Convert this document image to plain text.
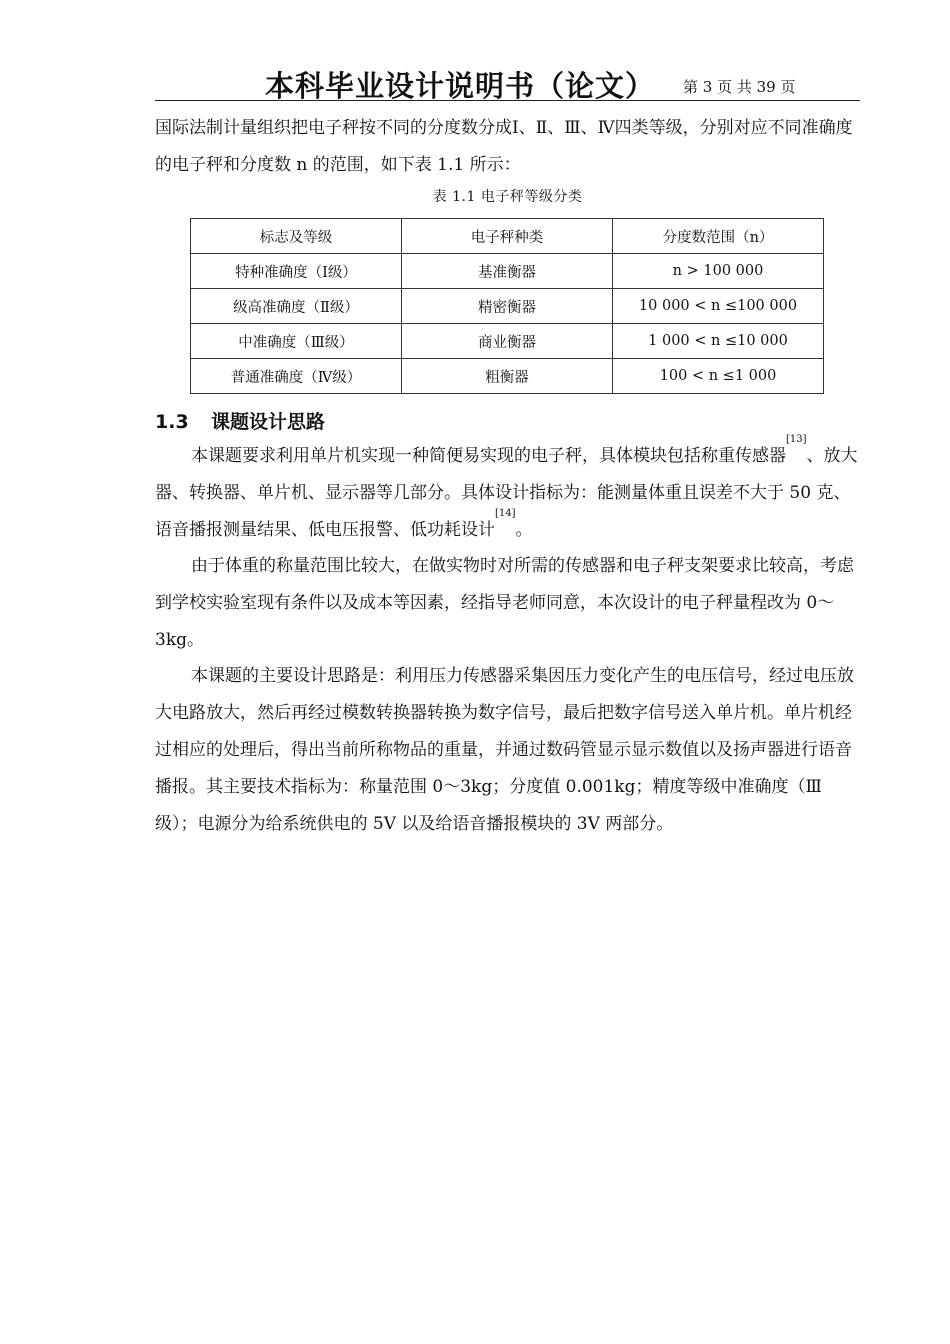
本科毕业设计说明书（论文） 第 3 页 共 39 页

国际法制计量组织把电子秤按不同的分度数分成Ⅰ、Ⅱ、Ⅲ、Ⅳ四类等级，分别对应不同准确度的电子秤和分度数 n 的范围，如下表 1.1 所示：

表 1.1 电子秤等级分类
标志及等级	电子秤种类	分度数范围（n）
特种准确度（Ⅰ级）	基准衡器	n > 100 000
级高准确度（Ⅱ级）	精密衡器	10 000 < n ≤100 000
中准确度（Ⅲ级）	商业衡器	1 000 < n ≤10 000
普通准确度（Ⅳ级）	粗衡器	100 < n ≤1 000
1.3 课题设计思路

本课题要求利用单片机实现一种简便易实现的电子秤，具体模块包括称重传感器[13]、放大器、转换器、单片机、显示器等几部分。具体设计指标为：能测量体重且误差不大于 50 克、语音播报测量结果、低电压报警、低功耗设计[14]。

由于体重的称量范围比较大，在做实物时对所需的传感器和电子秤支架要求比较高，考虑到学校实验室现有条件以及成本等因素，经指导老师同意，本次设计的电子秤量程改为 0～3kg。

本课题的主要设计思路是：利用压力传感器采集因压力变化产生的电压信号，经过电压放大电路放大，然后再经过模数转换器转换为数字信号，最后把数字信号送入单片机。单片机经过相应的处理后，得出当前所称物品的重量，并通过数码管显示显示数值以及扬声器进行语音播报。其主要技术指标为：称量范围 0～3kg；分度值 0.001kg；精度等级中准确度（Ⅲ级）；电源分为给系统供电的 5V 以及给语音播报模块的 3V 两部分。
